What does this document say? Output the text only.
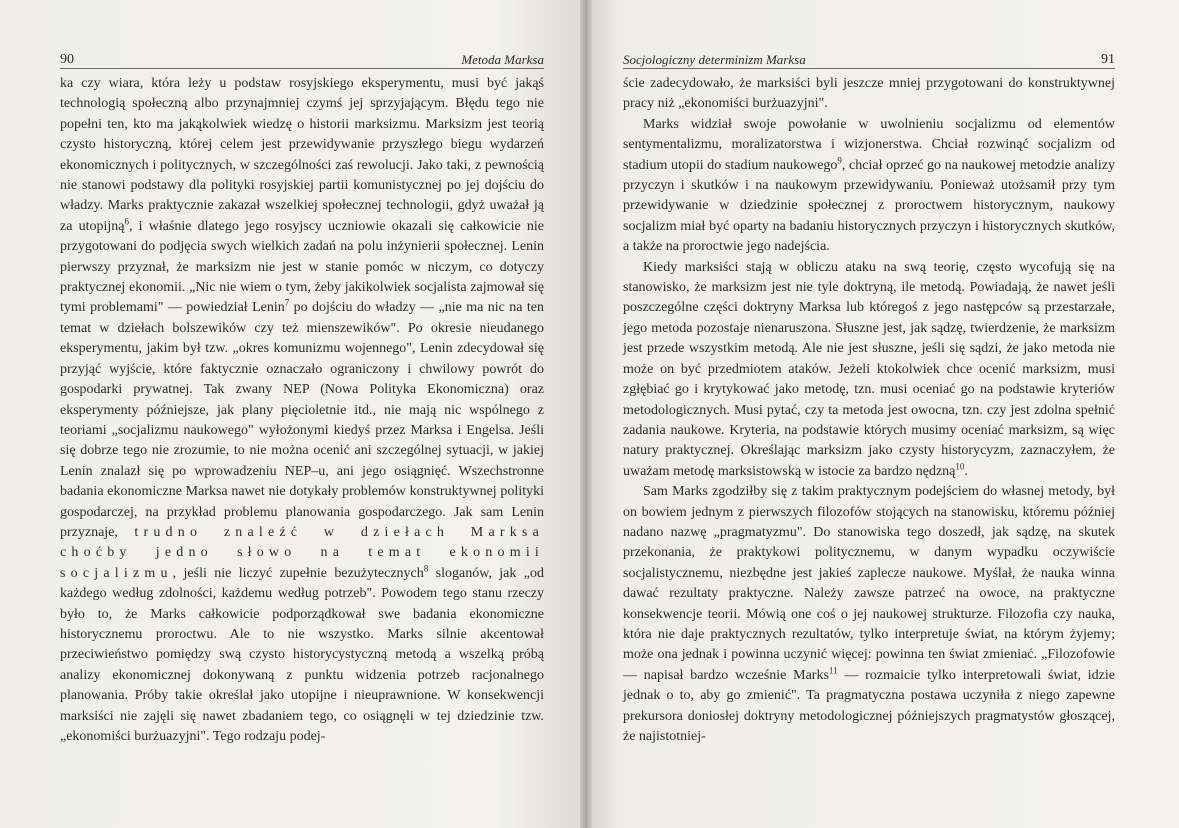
90	Metoda Marksa

ka czy wiara, która leży u podstaw rosyjskiego eksperymentu, musi być jakąś technologią społeczną albo przynajmniej czymś jej sprzyjającym. Błędu tego nie popełni ten, kto ma jakąkolwiek wiedzę o historii marksizmu. Marksizm jest teorią czysto historyczną, której celem jest przewidywanie przyszłego biegu wydarzeń ekonomicznych i politycznych, w szczególności zaś rewolucji. Jako taki, z pewnością nie stanowi podstawy dla polityki rosyjskiej partii komunistycznej po jej dojściu do władzy. Marks praktycznie zakazał wszelkiej społecznej technologii, gdyż uważał ją za utopijną$^6$, i właśnie dlatego jego rosyjscy uczniowie okazali się całkowicie nie przygotowani do podjęcia swych wielkich zadań na polu inżynierii społecznej. Lenin pierwszy przyznał, że marksizm nie jest w stanie pomóc w niczym, co dotyczy praktycznej ekonomii. „Nic nie wiem o tym, żeby jakikolwiek socjalista zajmował się tymi problemami" — powiedział Lenin$^7$ po dojściu do władzy — „nie ma nic na ten temat w dziełach bolszewików czy też mienszewików". Po okresie nieudanego eksperymentu, jakim był tzw. „okres komunizmu wojennego", Lenin zdecydował się przyjąć wyjście, które faktycznie oznaczało ograniczony i chwilowy powrót do gospodarki prywatnej. Tak zwany NEP (Nowa Polityka Ekonomiczna) oraz eksperymenty późniejsze, jak plany pięcioletnie itd., nie mają nic wspólnego z teoriami „socjalizmu naukowego" wyłożonymi kiedyś przez Marksa i Engelsa. Jeśli się dobrze tego nie zrozumie, to nie można ocenić ani szczególnej sytuacji, w jakiej Lenin znalazł się po wprowadzeniu NEP–u, ani jego osiągnięć. Wszechstronne badania ekonomiczne Marksa nawet nie dotykały problemów konstruktywnej polityki gospodarczej, na przykład problemu planowania gospodarczego. Jak sam Lenin przyznaje, trudno znaleźć w dziełach Marksa choćby jedno słowo na temat ekonomii socjalizmu, jeśli nie liczyć zupełnie bezużytecznych$^8$ sloganów, jak „od każdego według zdolności, każdemu według potrzeb". Powodem tego stanu rzeczy było to, że Marks całkowicie podporządkował swe badania ekonomiczne historycznemu proroctwu. Ale to nie wszystko. Marks silnie akcentował przeciwieństwo pomiędzy swą czysto historycystyczną metodą a wszelką próbą analizy ekonomicznej dokonywaną z punktu widzenia potrzeb racjonalnego planowania. Próby takie określał jako utopijne i nieuprawnione. W konsekwencji marksiści nie zajęli się nawet zbadaniem tego, co osiągnęli w tej dziedzinie tzw. „ekonomiści burżuazyjni". Tego rodzaju podej-

Socjologiczny determinizm Marksa	91

ście zadecydowało, że marksiści byli jeszcze mniej przygotowani do konstruktywnej pracy niż „ekonomiści burżuazyjni".

Marks widział swoje powołanie w uwolnieniu socjalizmu od elementów sentymentalizmu, moralizatorstwa i wizjonerstwa. Chciał rozwinąć socjalizm od stadium utopii do stadium naukowego$^9$, chciał oprzeć go na naukowej metodzie analizy przyczyn i skutków i na naukowym przewidywaniu. Ponieważ utożsamił przy tym przewidywanie w dziedzinie społecznej z proroctwem historycznym, naukowy socjalizm miał być oparty na badaniu historycznych przyczyn i historycznych skutków, a także na proroctwie jego nadejścia.

Kiedy marksiści stają w obliczu ataku na swą teorię, często wycofują się na stanowisko, że marksizm jest nie tyle doktryną, ile metodą. Powiadają, że nawet jeśli poszczególne części doktryny Marksa lub któregoś z jego następców są przestarzałe, jego metoda pozostaje nienaruszona. Słuszne jest, jak sądzę, twierdzenie, że marksizm jest przede wszystkim metodą. Ale nie jest słuszne, jeśli się sądzi, że jako metoda nie może on być przedmiotem ataków. Jeżeli ktokolwiek chce ocenić marksizm, musi zgłębiać go i krytykować jako metodę, tzn. musi oceniać go na podstawie kryteriów metodologicznych. Musi pytać, czy ta metoda jest owocna, tzn. czy jest zdolna spełnić zadania naukowe. Kryteria, na podstawie których musimy oceniać marksizm, są więc natury praktycznej. Określając marksizm jako czysty historycyzm, zaznaczyłem, że uważam metodę marksistowską w istocie za bardzo nędzną$^{10}$.

Sam Marks zgodziłby się z takim praktycznym podejściem do własnej metody, był on bowiem jednym z pierwszych filozofów stojących na stanowisku, któremu później nadano nazwę „pragmatyzmu". Do stanowiska tego doszedł, jak sądzę, na skutek przekonania, że praktykowi politycznemu, w danym wypadku oczywiście socjalistycznemu, niezbędne jest jakieś zaplecze naukowe. Myślał, że nauka winna dawać rezultaty praktyczne. Należy zawsze patrzeć na owoce, na praktyczne konsekwencje teorii. Mówią one coś o jej naukowej strukturze. Filozofia czy nauka, która nie daje praktycznych rezultatów, tylko interpretuje świat, na którym żyjemy; może ona jednak i powinna uczynić więcej: powinna ten świat zmieniać. „Filozofowie — napisał bardzo wcześnie Marks$^{11}$ — rozmaicie tylko interpretowali świat, idzie jednak o to, aby go zmienić". Ta pragmatyczna postawa uczyniła z niego zapewne prekursora doniosłej doktryny metodologicznej późniejszych pragmatystów głoszącej, że najistotniej-
